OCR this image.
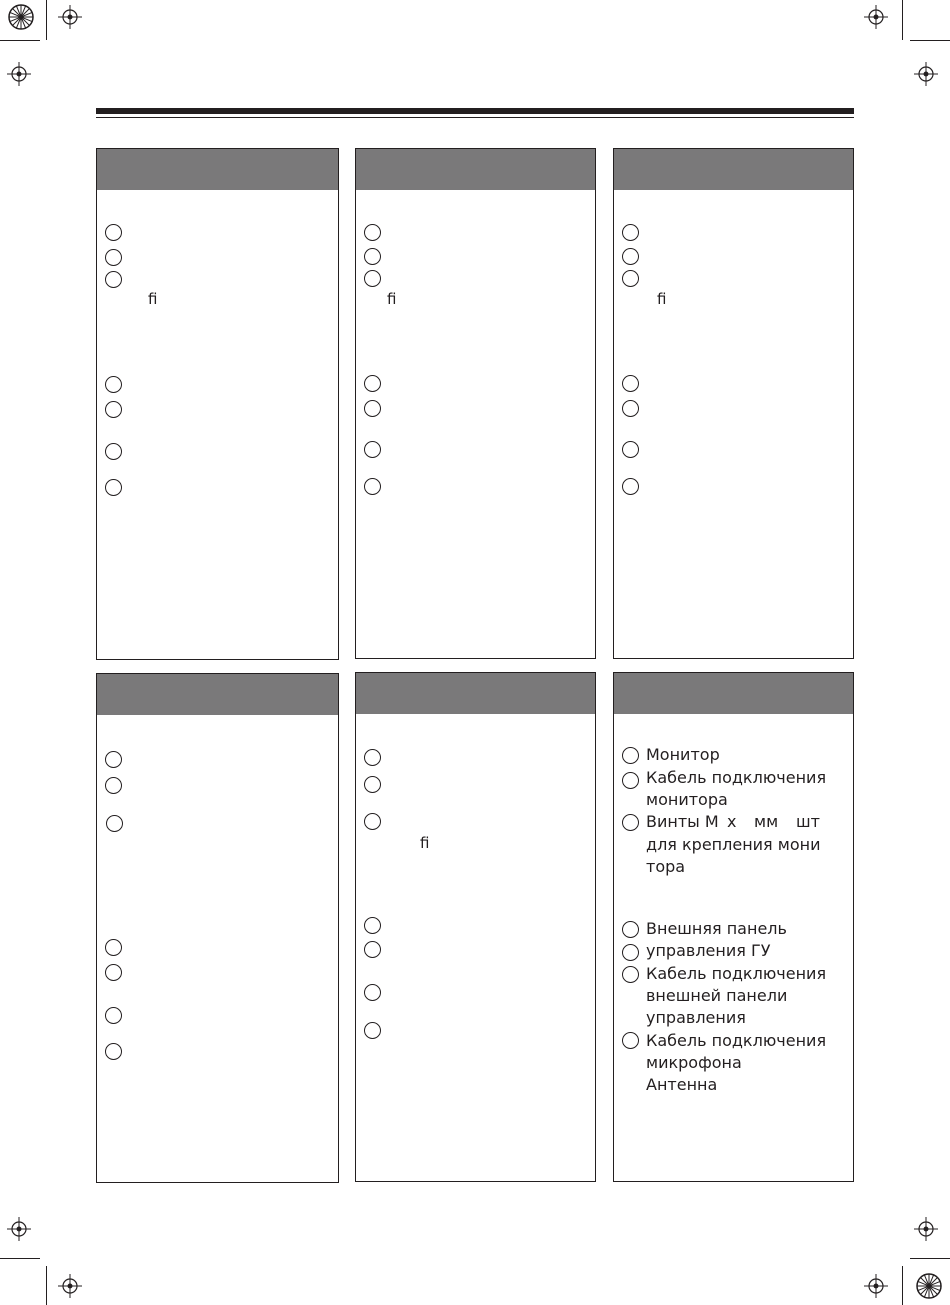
ﬁ	ﬁ	ﬁ
ﬁ
Монитор
Кабель подключения
монитора
Винты M x мм шт
для крепления мони
тора
Внешняя панель
управления ГУ
Кабель подключения
внешней панели
управления
Кабель подключения
микрофона
Антенна
